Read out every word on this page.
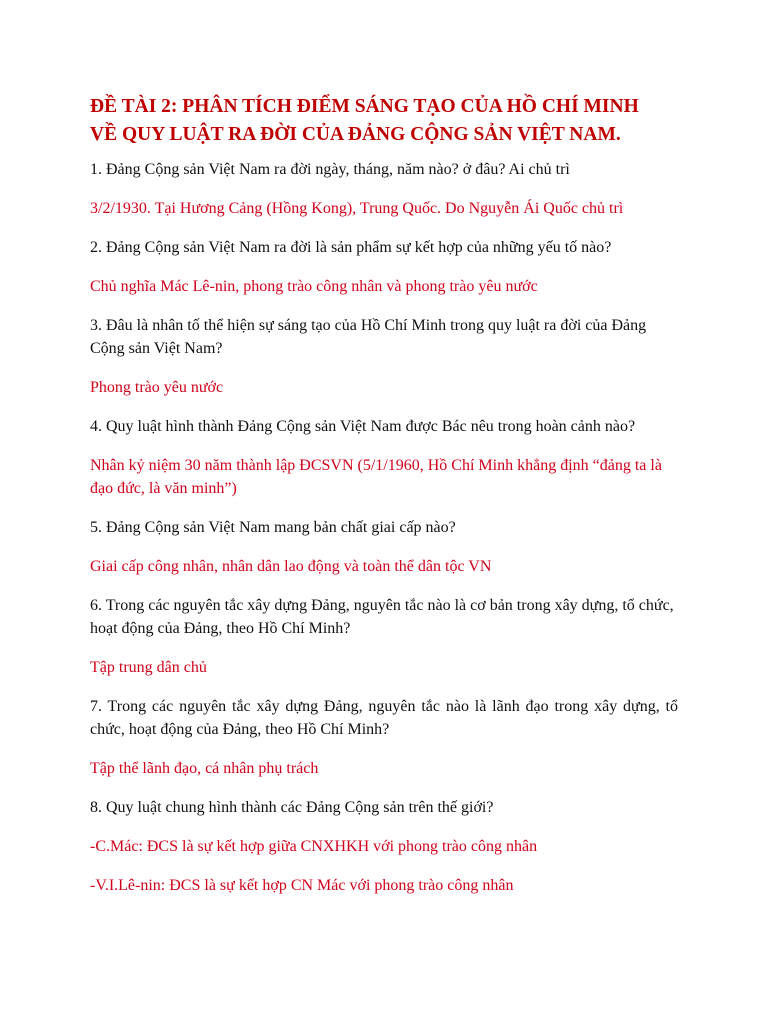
ĐỀ TÀI 2: PHÂN TÍCH ĐIỂM SÁNG TẠO CỦA HỒ CHÍ MINH
VỀ QUY LUẬT RA ĐỜI CỦA ĐẢNG CỘNG SẢN VIỆT NAM.

1. Đảng Cộng sản Việt Nam ra đời ngày, tháng, năm nào? ở đâu? Ai chủ trì

3/2/1930. Tại Hương Cảng (Hồng Kong), Trung Quốc. Do Nguyễn Ái Quốc chủ trì

2. Đảng Cộng sản Việt Nam ra đời là sản phẩm sự kết hợp của những yếu tố nào?

Chủ nghĩa Mác Lê-nin, phong trào công nhân và phong trào yêu nước

3. Đâu là nhân tố thể hiện sự sáng tạo của Hồ Chí Minh trong quy luật ra đời của Đảng Cộng sản Việt Nam?

Phong trào yêu nước

4. Quy luật hình thành Đảng Cộng sản Việt Nam được Bác nêu trong hoàn cảnh nào?

Nhân kỷ niệm 30 năm thành lập ĐCSVN (5/1/1960, Hồ Chí Minh khẳng định “đảng ta là đạo đức, là văn minh”)

5. Đảng Cộng sản Việt Nam mang bản chất giai cấp nào?

Giai cấp công nhân, nhân dân lao động và toàn thể dân tộc VN

6. Trong các nguyên tắc xây dựng Đảng, nguyên tắc nào là cơ bản trong xây dựng, tổ chức, hoạt động của Đảng, theo Hồ Chí Minh?

Tập trung dân chủ

7. Trong các nguyên tắc xây dựng Đảng, nguyên tắc nào là lãnh đạo trong xây dựng, tổ chức, hoạt động của Đảng, theo Hồ Chí Minh?

Tập thể lãnh đạo, cá nhân phụ trách

8. Quy luật chung hình thành các Đảng Cộng sản trên thế giới?

-C.Mác: ĐCS là sự kết hợp giữa CNXHKH với phong trào công nhân

-V.I.Lê-nin: ĐCS là sự kết hợp CN Mác với phong trào công nhân
